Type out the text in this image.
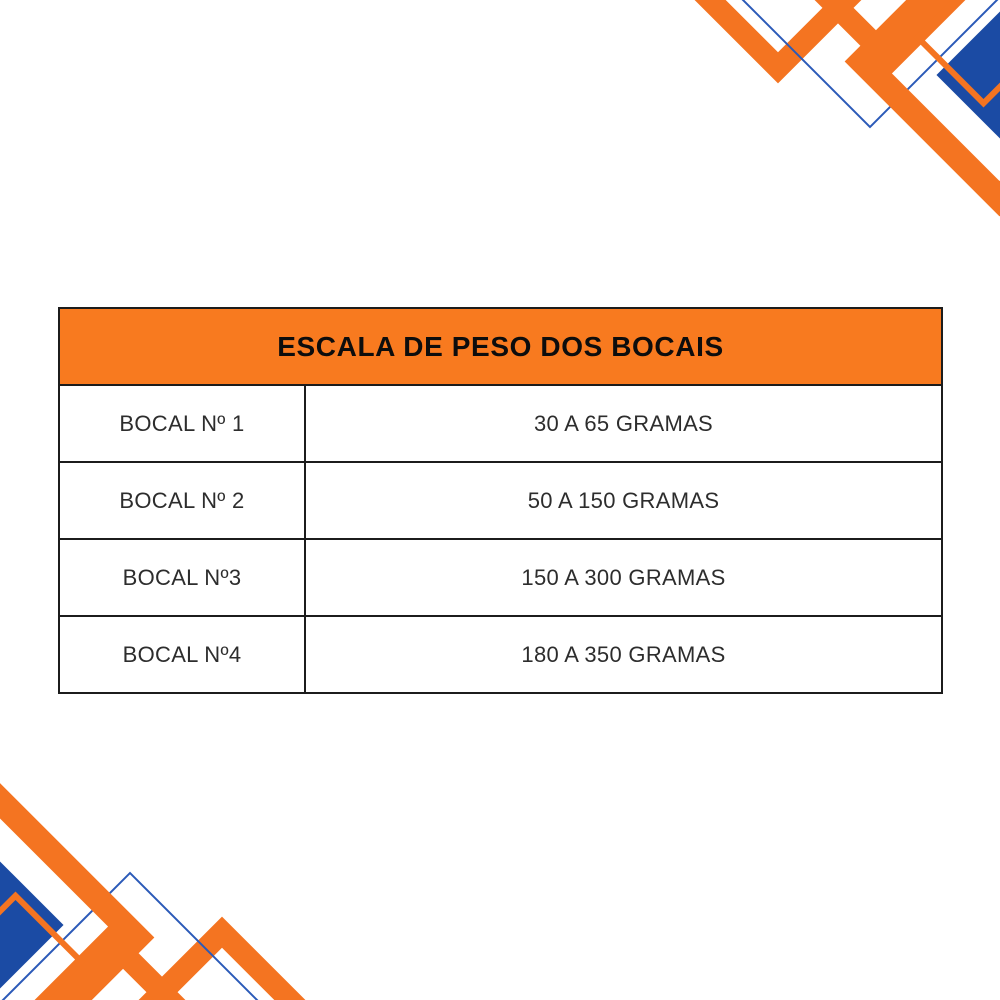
ESCALA DE PESO DOS BOCAIS
BOCAL Nº 1	30 A 65 GRAMAS
BOCAL Nº 2	50 A 150 GRAMAS
BOCAL Nº3	150 A 300 GRAMAS
BOCAL Nº4	180 A 350 GRAMAS
